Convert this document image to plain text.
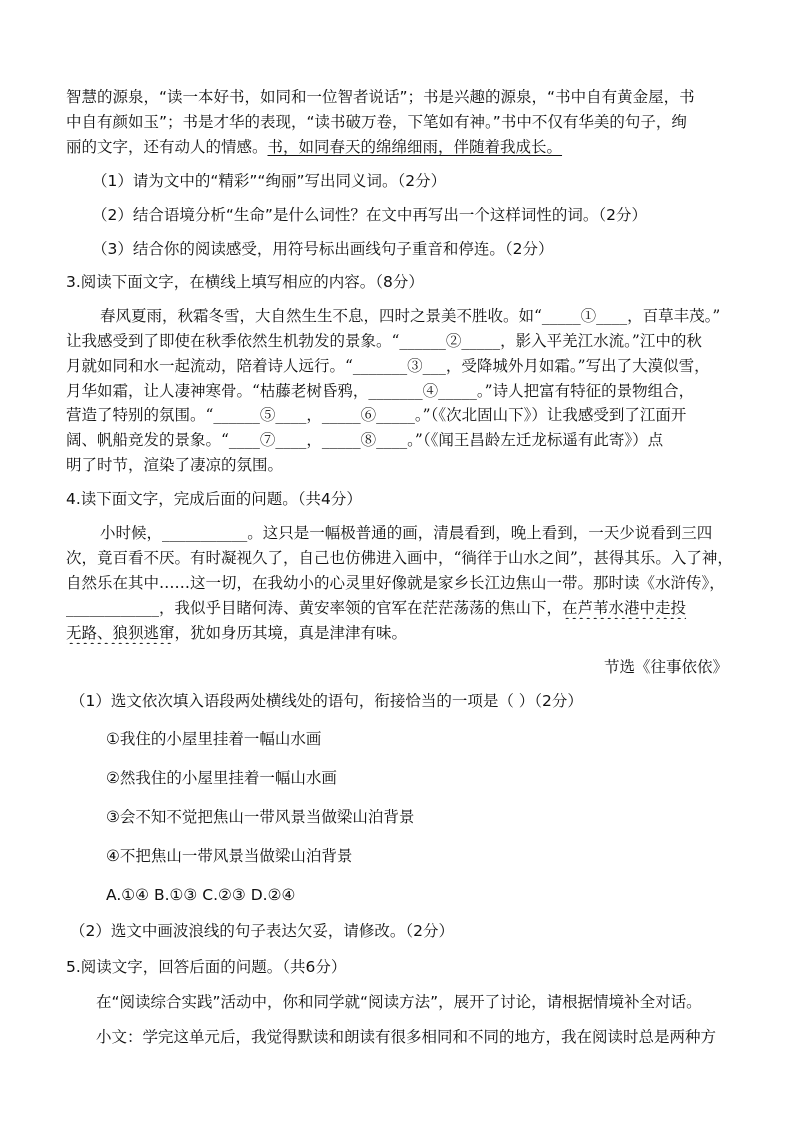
智慧的源泉，“读一本好书，如同和一位智者说话”；书是兴趣的源泉，“书中自有黄金屋，书
中自有颜如玉”；书是才华的表现，“读书破万卷，下笔如有神。”书中不仅有华美的句子，绚
丽的文字，还有动人的情感。书，如同春天的绵绵细雨，伴随着我成长。
（1）请为文中的“精彩”“绚丽”写出同义词。（2分）
（2）结合语境分析“生命”是什么词性？在文中再写出一个这样词性的词。（2分）
（3）结合你的阅读感受，用符号标出画线句子重音和停连。（2分）
3.阅读下面文字，在横线上填写相应的内容。（8分）
春风夏雨，秋霜冬雪，大自然生生不息，四时之景美不胜收。如“_____①____，百草丰茂。”
让我感受到了即使在秋季依然生机勃发的景象。“______②_____，影入平羌江水流。”江中的秋
月就如同和水一起流动，陪着诗人远行。“_______③___，受降城外月如霜。”写出了大漠似雪，
月华如霜，让人凄神寒骨。“枯藤老树昏鸦，_______④_____。”诗人把富有特征的景物组合，
营造了特别的氛围。“______⑤____，_____⑥_____。”（《次北固山下》）让我感受到了江面开
阔、帆船竞发的景象。“____⑦____，_____⑧____。”（《闻王昌龄左迁龙标遥有此寄》）点
明了时节，渲染了凄凉的氛围。
4.读下面文字，完成后面的问题。（共4分）
小时候，___________。这只是一幅极普通的画，清晨看到，晚上看到，一天少说看到三四
次，竟百看不厌。有时凝视久了，自己也仿佛进入画中，“徜徉于山水之间”，甚得其乐。入了神，
自然乐在其中……这一切，在我幼小的心灵里好像就是家乡长江边焦山一带。那时读《水浒传》，
____________，我似乎目睹何涛、黄安率领的官军在茫茫荡荡的焦山下，在芦苇水港中走投
无路、狼狈逃窜，犹如身历其境，真是津津有味。
节选《往事依依》
（1）选文依次填入语段两处横线处的语句，衔接恰当的一项是（ ）（2分）
①我住的小屋里挂着一幅山水画
②然我住的小屋里挂着一幅山水画
③会不知不觉把焦山一带风景当做梁山泊背景
④不把焦山一带风景当做梁山泊背景
A.①④ B.①③ C.②③ D.②④
（2）选文中画波浪线的句子表达欠妥，请修改。（2分）
5.阅读文字，回答后面的问题。（共6分）
在“阅读综合实践”活动中，你和同学就“阅读方法”，展开了讨论，请根据情境补全对话。
小文：学完这单元后，我觉得默读和朗读有很多相同和不同的地方，我在阅读时总是两种方
